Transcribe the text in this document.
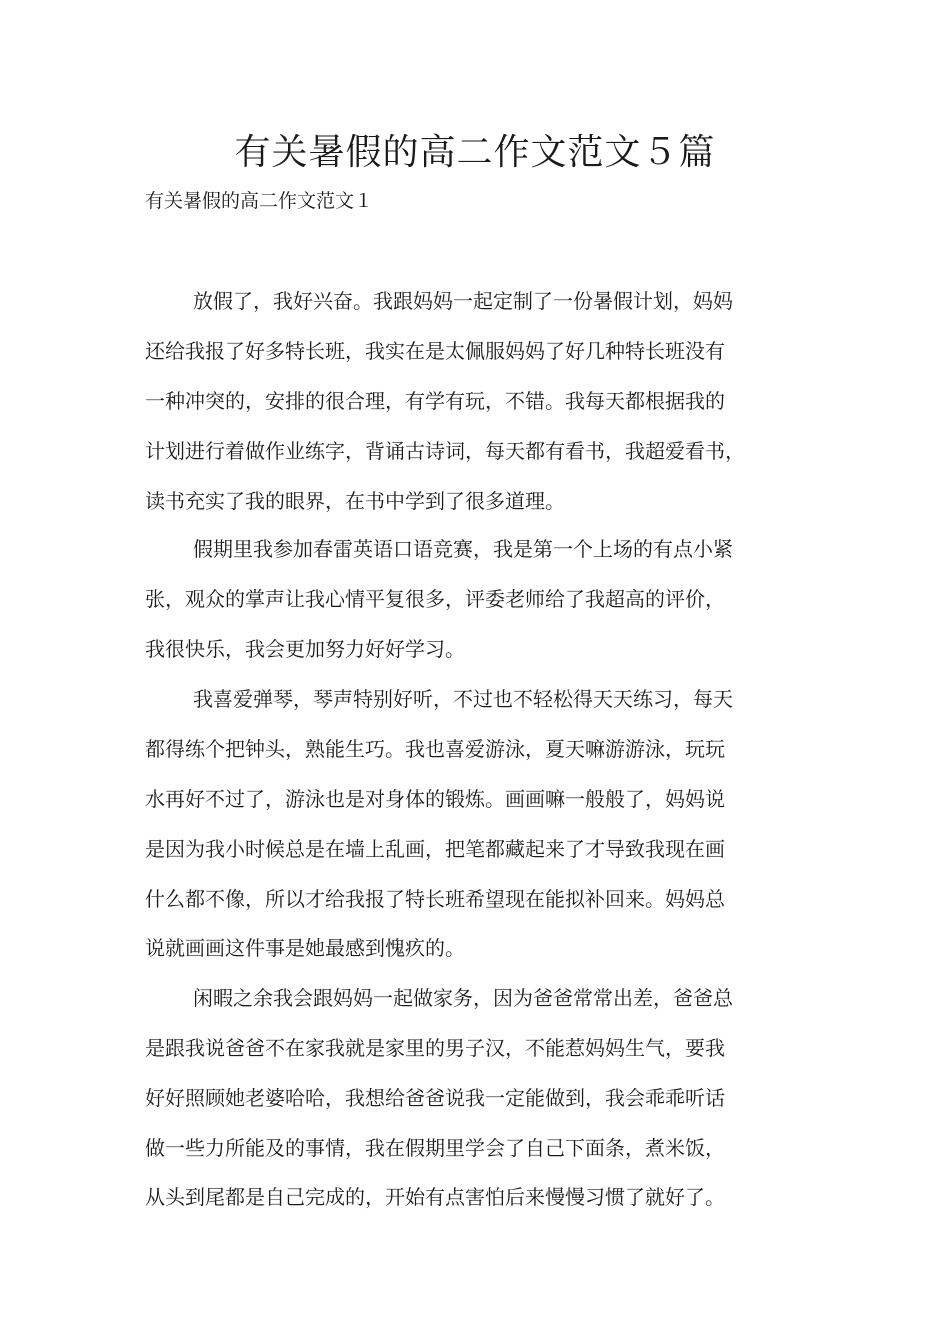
有关暑假的高二作文范文５篇
有关暑假的高二作文范文１

放假了，我好兴奋。我跟妈妈一起定制了一份暑假计划，妈妈

还给我报了好多特长班，我实在是太佩服妈妈了好几种特长班没有

一种冲突的，安排的很合理，有学有玩，不错。我每天都根据我的

计划进行着做作业练字，背诵古诗词，每天都有看书，我超爱看书，

读书充实了我的眼界，在书中学到了很多道理。

假期里我参加春雷英语口语竞赛，我是第一个上场的有点小紧

张，观众的掌声让我心情平复很多，评委老师给了我超高的评价，

我很快乐，我会更加努力好好学习。

我喜爱弹琴，琴声特别好听，不过也不轻松得天天练习，每天

都得练个把钟头，熟能生巧。我也喜爱游泳，夏天嘛游游泳，玩玩

水再好不过了，游泳也是对身体的锻炼。画画嘛一般般了，妈妈说

是因为我小时候总是在墙上乱画，把笔都藏起来了才导致我现在画

什么都不像，所以才给我报了特长班希望现在能拟补回来。妈妈总

说就画画这件事是她最感到愧疚的。

闲暇之余我会跟妈妈一起做家务，因为爸爸常常出差，爸爸总

是跟我说爸爸不在家我就是家里的男子汉，不能惹妈妈生气，要我

好好照顾她老婆哈哈，我想给爸爸说我一定能做到，我会乖乖听话

做一些力所能及的事情，我在假期里学会了自己下面条，煮米饭，

从头到尾都是自己完成的，开始有点害怕后来慢慢习惯了就好了。
